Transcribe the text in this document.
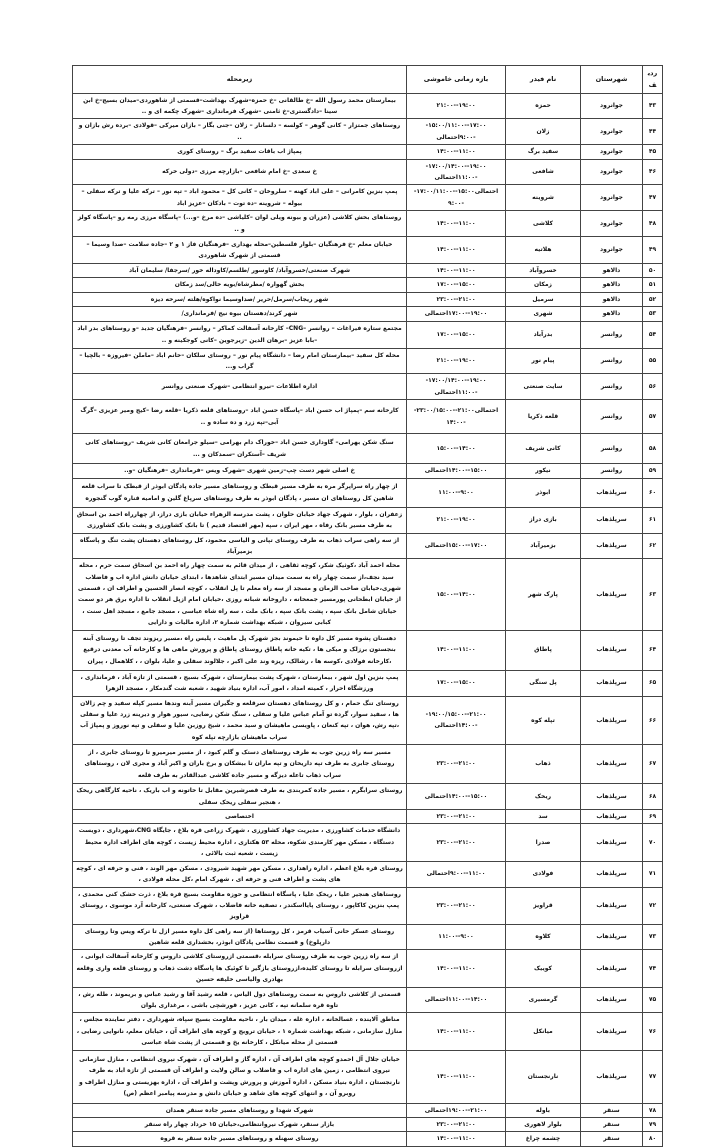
ردیف	شهرستان	نام فیدر	بازه زمانی خاموشی	زیرمحله
۴۳	جوانرود	حمزه	۱۹:۰۰--۲۱:۰۰	بیمارستان محمد رسول الله –خ طالقانی –خ حمزه–شهرک بهداشت–قسمتی از شاهوردی–میدان بسیج–خ ابن سینا –دادگستری–خ ثامنی –شهرک فرمانداری –شهرک چکمه ای و ..
۴۴	جوانرود	زلان	۱۷:۰۰--۱۵:۰۰/۱۱:۰۰--۹:۰۰احتمالی	روستاهای جمتزار – کانی گوهر – کولسه – دلسانار – زلان –جنی بگار – بازان میرکی –قولادی –برده رش بازان و ..
۴۵	جوانرود	سفید برگ	۱۱:۰۰--۱۴:۰۰	پمپاژ اب باقات سفید برگ – روستای کوری
۴۶	جوانرود	شافعی	۱۹:۰۰--۱۷:۰۰/۱۴:۰۰--۱۱:۰۰احتمالی	خ سعدی –خ امام شافعی –بازارچه مرزی –دولی خرکه
۴۷	جوانرود	شروینه	احتمالی۱۵:۰۰--۱۷:۰۰/۱۱:۰۰--۹:۰۰	پمپ بنزین کامرانی – علی اباد کهنه – سلروخان – کانی کل – محمود اباد – تپه نور – ترکه علیا و ترکه سفلی –بیوله – شروینه –ده توت – بادکان –عزیز اباد
۴۸	جوانرود	کلاشی	۱۱:۰۰--۱۴:۰۰	روستاهای بخش کلاشی (عزران و بیونه ویلی لوان –کلیاشی –ده مرخ –و...) –پاسگاه مرزی رمه رو –پاسگاه کولز و ..
۴۹	جوانرود	هلاتیه	۱۱:۰۰--۱۴:۰۰	خیابان معلم –خ فرهنگیان –بلوار فلسطین–محله بهداری –فرهنگیان فاز ۱ و ۲ –جاده سلامت –صدا وسیما –قسمتی از شهرک شاهوردی
۵۰	دالاهو	خسروآباد	۱۱:۰۰--۱۴:۰۰	شهرک صنعتی/خسروآباد/ کاوسور /طلسم/کاوداله خور /سرجفا/ سلیمان آباد
۵۱	دالاهو	زمکان	۱۵:۰۰--۱۷:۰۰	بخش گهواره /مطرشاه/بویه خالی/سد زمکان
۵۲	دالاهو	سرمیل	۲۱:۰۰--۲۳:۰۰	شهر ریجاب/سرمل/حریر /صداوسیما نواکوه/هلته /سرخه دیزه
۵۳	دالاهو	شهری	۱۹:۰۰--۱۷:۰۰احتمالی	شهر کرند/دهستان بیوه نیج /فرمانداری/
۵۴	روانسر	بدرآباد	۱۵:۰۰--۱۷:۰۰	مجتمع ستاره فیراغات – روانسر –CNG– کارخانه آسفالت کماکر – روانسر –فرهنگیان جدید –و روستاهای بدر اباد –بابا عزیز –برهان الدین –زیرجوین –کانی کوجکینه و ..
۵۵	روانسر	پیام نور	۱۹:۰۰--۲۱:۰۰	محله کل سفید –بیمارستان امام رضا – دانشگاه پیام نور – روستای سلکان –خانم اباد –ماملن –فیروزه – بالچیا –گراب و...
۵۶	روانسر	سایت صنعتی	۱۹:۰۰--۱۷:۰۰/۱۴:۰۰--۱۱:۰۰احتمالی	اداره اطلاعات –نیرو انتظامی –شهرک صنعتی روانسر
۵۷	روانسر	قلعه ذکریا	احتمالی۲۱:۰۰--۲۳:۰۰/۱۵:۰۰--۱۴:۰۰	کارخانه سم –پمپاژ اب حسن اباد –پاسگاه حسن اباد –روستاهای قلعه ذکریا –قلعه رضا –کیج ومیر عزیزی –گرگ آبی–تپه زرد و ده ساده و ..
۵۸	روانسر	کانی شریف	۱۴:۰۰--۱۵:۰۰	سنگ شکن بهرامی– گاوداری حسن اباد –خوراک دام بهرامی –سیلو جرامغان کانی شریف –روستاهای کانی شریف –آستکران –سمدکان و ...
۵۹	روانسر	نیکور	۱۵:۰۰--۱۴:۰۰احتمالی	خ اصلی شهر دست چپ–زمین شهری –شهرک ویس –فرمانداری –فرهنگیان –و..
۶۰	سرپلذهاب	ابوذر	۹:۰۰--۱۱:۰۰	از چهار راه سراپرگر مره به طرف مسیر قبطک و روستاهای مسیر جاده پادگان ابوذر از قبطک تا سراب قلعه شاهین کل روستاهای ان مسیر ، پادگان ابوذر به طرف روستاهای سرپاغ گلین و امامیه قناره گوب گنجوره
۶۱	سرپلذهاب	بازی دراز	۱۹:۰۰--۲۱:۰۰	زعفران ، بلوار ، شهرک جهاد خیابان حلوان ، پشت مدرسه الزهراء خیابان بازی دراز، از چهارراه احمد بن اسحاق به طرف مسیر بانک رفاه ، مهر ایران ، سپه (مهر اقتصاد قدیم ) تا بانک کشاورزی و پشت بانک کشاورزی
۶۲	سرپلذهاب	بزمیرآباد	۱۷:۰۰--۱۵:۰۰احتمالی	از سه راهی سراب ذهاب به طرف روستای تپانی و الیاسی محمود، کل روستاهای دهستان پشت تنگ و پاسگاه بزمیرآباد
۶۳	سرپلذهاب	پارک شهر	۱۴:۰۰--۱۵:۰۰	محله احمد آباد ،کوثیک شکر، کوچه ثقاهی ، از میدان قائم به سمت چهار راه احمد بن اسحاق سمت حرم ، محله سید نجف،از سمت چهار راه به سمت میدان مسیر ابتدای شاهدها ، ابتدای خیابان دانش اداره اب و فاضلاب شهری،خیابان صاحب الزمان و مسجد از سه راه معلم تا پل انقلاب ، کوچه انصار الحسین و اطراف ان ، قسمتی از خیابان ابطحانی پورمسیر جمعخانه ، داروخانه شبانه روزی ،خیابان امام ازپل انقلاب تا اداره برق هر دو سمت خیابان شامل بانک سپه ، پشت بانک سپه ، بانک ملت ، سه راه شاه عباسی ، مسجد جامع ، مسجد اهل سنت ، کبابی سیروان ، شبکه بهداشت شماره ۲، اداره مالیات و دارایی
۶۴	سرپلذهاب	پاطاق	۱۱:۰۰--۱۴:۰۰	دهستان پشوه مسیر کل داوه تا حیموند بجز شهرک پل ماهیت ، پلیس راه ،مسیر ریزوند تجف تا روستای آبنه بنجستون برزلک و میکی ها ، تکیه خانه پاطاق روستای پاطاق و پرورش ماهی ها و کارخانه آب معدنی درقیع ،کارخانه فولادی ،کوسه ها ، رشالک، ریزه وند علی اکبر ، جلالوند سفلی و علیا، بلوان ، ، کلاهمال ، پیران
۶۵	سرپلذهاب	پل سنگی	۱۵:۰۰--۱۷:۰۰	پمپ بنزین اول شهر ، بیمارستان ، شهرک پشت بیمارستان ، شهرک بسیج ، قسمتی از تازه آباد ، فرمانداری ، ورزشگاه احرار ، کمیته امداد ، امور آب، اداره بنیاد شهید ، شعبه شت گندمکار ، مسجد الزهرا
۶۶	سرپلذهاب	تپله کوه	۲۱:۰۰--۱۹:۰۰/۱۵:۰۰--۱۴:۰۰احتمالی	روستای تنگ حمام ، و کل روستاهای دهستان سرقلعه و جگیران مسیر آبنه وندها مسیر کپله سفید و چم زالان ها ، سفید سوار، گرده تو آمام عباس علیا و سفلی ، سنگ شکن رضایی، سیور هوار و دیرینه زرد علیا و سفلی ،تپه رش، هوان ، تپه کنعان ، پاویسی ماهیشان و سید محمد ، شیخ روزبن علیا و سفلی و تپه نوروز و پمپاژ آب سراب ماهیشان بازارچه تپله کوه
۶۷	سرپلذهاب	ذهاب	۲۱:۰۰--۲۳:۰۰	مسیر سه راه زرین جوب به طرف روستاهای دستک و گلم کبود ، از مسیر میرمیرو تا روستای جابری ، از روستای جابری به طرف تپه داریخان و تپه ماران تا بیشکان و برخ باران و اکبر آباد و مجری لان ، روستاهای سراب ذهاب تاعله دیزگه و مسیر جاده کلاشی عبدالقادر به طرف قلعه
۶۸	سرپلذهاب	ریخک	۱۵:۰۰--۱۴:۰۰احتمالی	روستای سرابگرم ، مسیر جاده کمربندی به طرف قصرشیرین مقابل تا خاتونه و اب باریک ، ناحیه کارگاهی ریخک ، هنجیر سفلی ریخک سفلی
۶۹	سرپلذهاب	سد	۲۱:۰۰--۲۳:۰۰	اختصاصی
۷۰	سرپلذهاب	صدرا	۲۱:۰۰--۲۳:۰۰	دانشگاه خدمات کشاورزی ، مدیریت جهاد کشاورزی ، شهرک زراعی قره بلاغ ، جایگاه CNG،شهرداری ، دویست دستگاه ، مسکن مهر کارمندی شکوه، محله ۵۳ هکتاری ، اداره محیط زیست ، کوچه های اطراف اداره محیط زیست ، شعبه ثبت بالائی ،
۷۱	سرپلذهاب	فولادی	۱۱:۰۰--۹:۰۰احتمالی	روستای قره بلاغ اعظم ، اداره راهداری ، مسکن مهر شهید شیرودی ، مسکن مهر الوند ، فنی و حرفه ای ، کوچه های پشت و اطراف فنی و حرفه ای ، شهرک امام ،کل محله فولادی ،
۷۲	سرپلذهاب	قراویز	۲۱:۰۰--۲۳:۰۰	روستاهای هنجیر علیا ، ریخک علیا ، پاسگاه انتظامی و حوزه مقاومت بسیج قره بلاغ ، ذرت خشک کنی محمدی ، پمپ بنزین کاکاپور ، روستای پایااسکندر ، تصفیه خانه فاضلاب ، شهرک صنعتی، کارخانه آرد موسوی ، روستای قراویز
۷۳	سرپلذهاب	کلاوه	۹:۰۰--۱۱:۰۰	روستای عسکر خانی آسیاب قرمز ، کل روستاها (از سه راهی کل داوه مسیر ازل تا ترکه ویس وتا روستای دارپلوخ) و قسمت نظامی پادگان ابوذر، بخشداری قلعه شاهین
۷۴	سرپلذهاب	کوییک	۱۱:۰۰--۱۴:۰۰	از سه راه زرین جوب به طرف روستای سرابله ،قسمتی ازروستای کلاشی داروس و کارخانه آسفالت ایوانی ، ازروستای سرابله تا روستای کلیده،ازروستای بازگیر تا کوئیک ها پاسگاه دشت ذهاب و روستای قلعه واری وقلعه بهادری والیاسی خلیفه حسین
۷۵	سرپلذهاب	گرمسیری	۱۴:۰۰--۱۱:۰۰احتمالی	قسمتی از کلاشی داروس به سمت روستاهای دول الیاس ، قلعه رشید آقا و رشید عباس و بریموند ، طله رش ، تاوه قره سلمانه تپه ، کانی عزیز ، قورشچی باشی ، مرغداری بلوان
۷۶	سرپلذهاب	میانکل	۱۱:۰۰--۱۴:۰۰	مناطق آلاینده ، غسالخانه ، اداره غله ، میدان بار ، ناحیه مقاومت بسیج سپاه، شهرداری ، دفتر نماینده مجلس ، منازل سازمانی ، شبکه بهداشت شماره ۱ ، خیابان ترویج و کوچه های اطراف آن ، خیابان معلم، نانوایی رضایی ، قسمتی از محله میانکل ، کارخانه یخ و قسمتی از پشت شاه عباسی
۷۷	سرپلذهاب	نارنجستان	۱۱:۰۰--۱۴:۰۰	خیابان جلال آل احمدو کوچه های اطراف آن ، اداره گاز و اطراف آن ، شهرک نیروی انتظامی ، منازل سازمانی نیروی انتظامی ، زمین های اداره اب و فاضلاب و سالن ولایت و اطراف آن قسمتی از تازه اباد به طرف نارنجستان ، اداره بنیاد مسکن ، اداره آموزش و پرورش وپشت و اطراف آن ، اداره بهزیستی و منازل اطراف و روبرو آن ، و انتهای کوچه های شاهد و خیابان دانش و مدرسه پیامبر اعظم (ص)
۷۸	سنقر	باوله	۲۱:۰۰--۱۹:۰۰احتمالی	شهرک شهدا و روستاهای مسیر جاده سنقر همدان
۷۹	سنقر	بلوار لاهوری	۲۱:۰۰--۲۳:۰۰	بازار سنقر، شهرک نیروانتظامی،خیابان ۱۵ خرداد چهار راه سنقر
۸۰	سنقر	چشمه چراغ	۱۱:۰۰--۱۴:۰۰	روستای سهنله و روستاهای مسیر جاده سنقر به قروه
